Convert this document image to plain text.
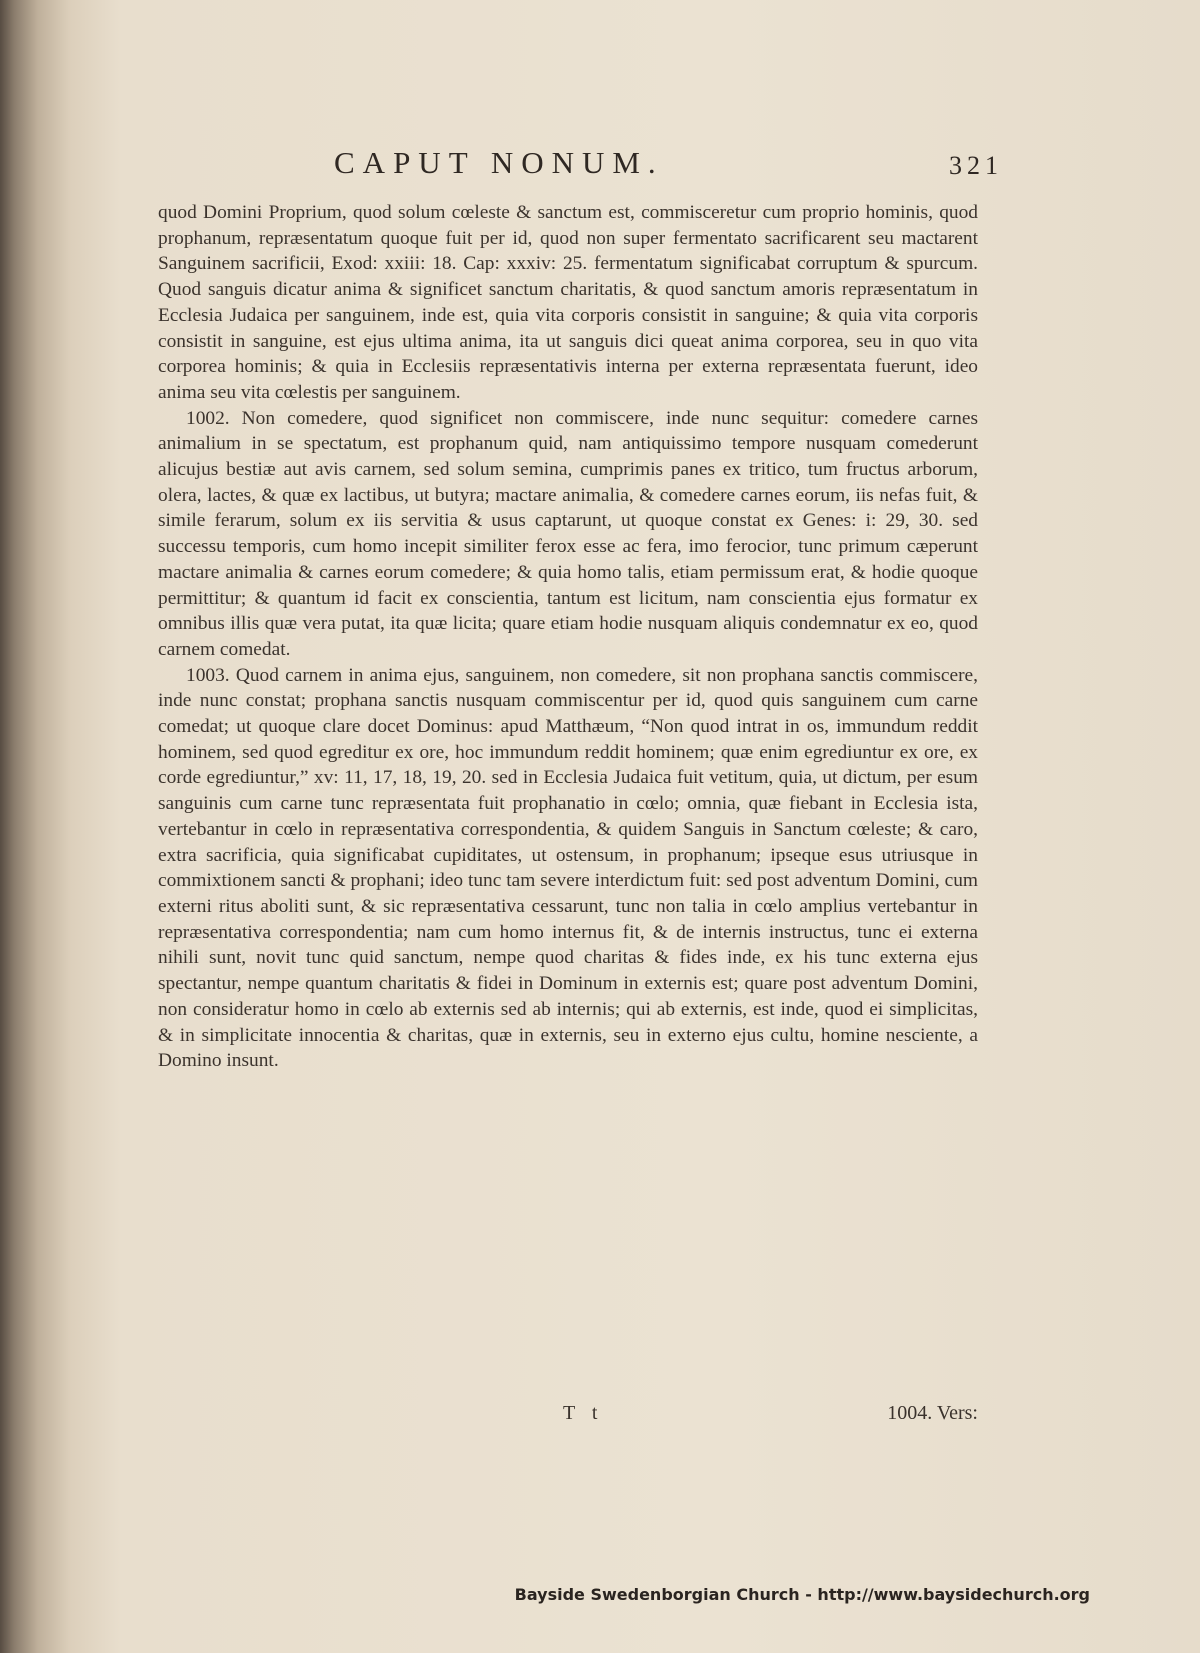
CAPUT NONUM.	321

quod Domini Proprium, quod solum cœleste & sanctum est, commisceretur cum proprio hominis, quod prophanum, repræsentatum quoque fuit per id, quod non super fermentato sacrificarent seu mactarent Sanguinem sacrificii, Exod: xxiii: 18. Cap: xxxiv: 25. fermentatum significabat corruptum & spurcum. Quod sanguis dicatur anima & significet sanctum charitatis, & quod sanctum amoris repræsentatum in Ecclesia Judaica per sanguinem, inde est, quia vita corporis consistit in sanguine; & quia vita corporis consistit in sanguine, est ejus ultima anima, ita ut sanguis dici queat anima corporea, seu in quo vita corporea hominis; & quia in Ecclesiis repræsentativis interna per externa repræsentata fuerunt, ideo anima seu vita cœlestis per sanguinem.

1002. Non comedere, quod significet non commiscere, inde nunc sequitur: comedere carnes animalium in se spectatum, est prophanum quid, nam antiquissimo tempore nusquam comederunt alicujus bestiæ aut avis carnem, sed solum semina, cumprimis panes ex tritico, tum fructus arborum, olera, lactes, & quæ ex lactibus, ut butyra; mactare animalia, & comedere carnes eorum, iis nefas fuit, & simile ferarum, solum ex iis servitia & usus captarunt, ut quoque constat ex Genes: i: 29, 30. sed successu temporis, cum homo incepit similiter ferox esse ac fera, imo ferocior, tunc primum cæperunt mactare animalia & carnes eorum comedere; & quia homo talis, etiam permissum erat, & hodie quoque permittitur; & quantum id facit ex conscientia, tantum est licitum, nam conscientia ejus formatur ex omnibus illis quæ vera putat, ita quæ licita; quare etiam hodie nusquam aliquis condemnatur ex eo, quod carnem comedat.

1003. Quod carnem in anima ejus, sanguinem, non comedere, sit non prophana sanctis commiscere, inde nunc constat; prophana sanctis nusquam commiscentur per id, quod quis sanguinem cum carne comedat; ut quoque clare docet Dominus: apud Matthæum, “Non quod intrat in os, immundum reddit hominem, sed quod egreditur ex ore, hoc immundum reddit hominem; quæ enim egrediuntur ex ore, ex corde egrediuntur,” xv: 11, 17, 18, 19, 20. sed in Ecclesia Judaica fuit vetitum, quia, ut dictum, per esum sanguinis cum carne tunc repræsentata fuit prophanatio in cœlo; omnia, quæ fiebant in Ecclesia ista, vertebantur in cœlo in repræsentativa correspondentia, & quidem Sanguis in Sanctum cœleste; & caro, extra sacrificia, quia significabat cupiditates, ut ostensum, in prophanum; ipseque esus utriusque in commixtionem sancti & prophani; ideo tunc tam severe interdictum fuit: sed post adventum Domini, cum externi ritus aboliti sunt, & sic repræsentativa cessarunt, tunc non talia in cœlo amplius vertebantur in repræsentativa correspondentia; nam cum homo internus fit, & de internis instructus, tunc ei externa nihili sunt, novit tunc quid sanctum, nempe quod charitas & fides inde, ex his tunc externa ejus spectantur, nempe quantum charitatis & fidei in Dominum in externis est; quare post adventum Domini, non consideratur homo in cœlo ab externis sed ab internis; qui ab externis, est inde, quod ei simplicitas, & in simplicitate innocentia & charitas, quæ in externis, seu in externo ejus cultu, homine nesciente, a Domino insunt.

T t	1004. Vers:
Bayside Swedenborgian Church - http://www.baysidechurch.org
